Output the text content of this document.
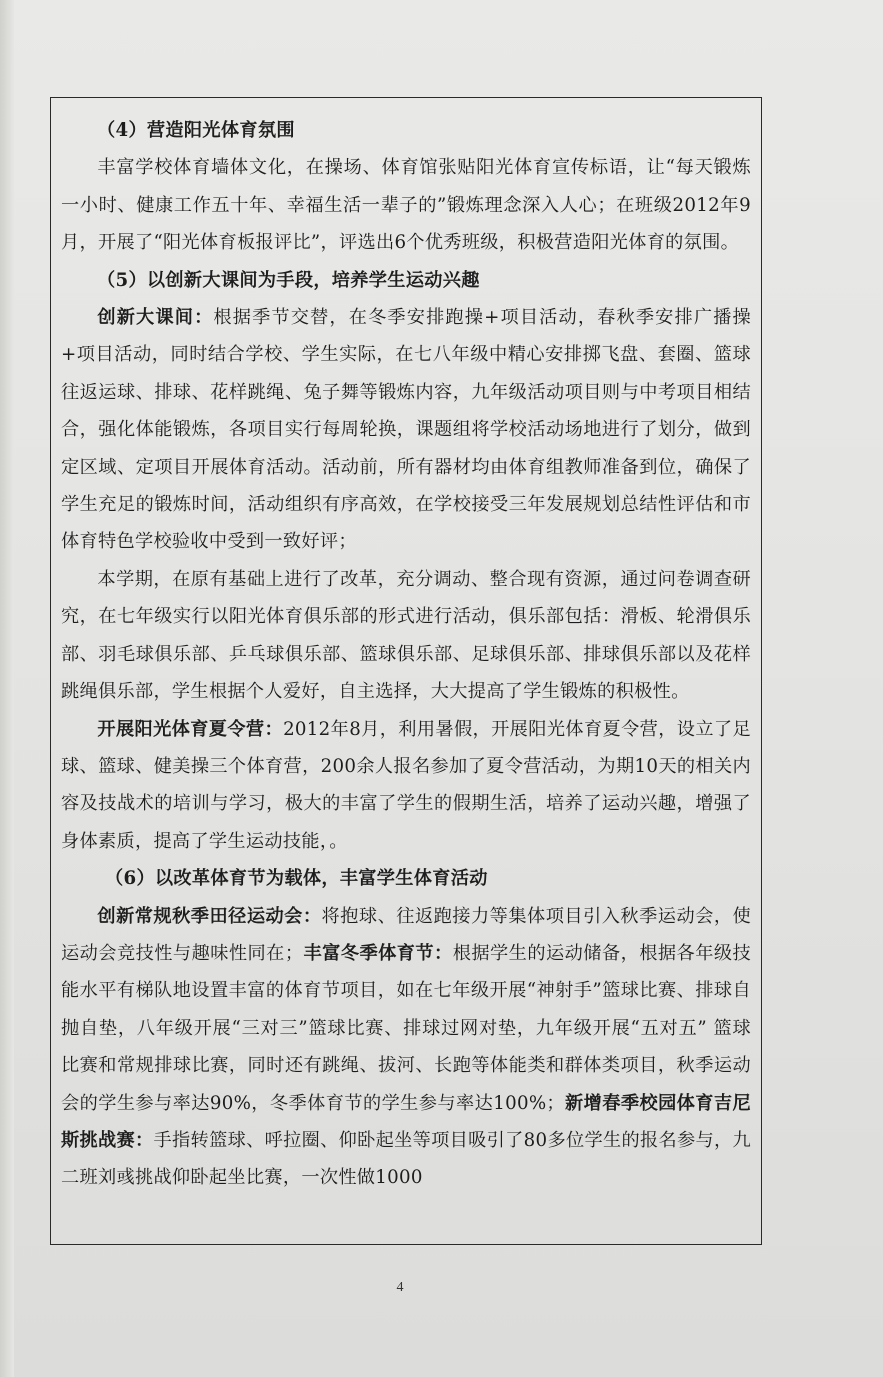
（4）营造阳光体育氛围

丰富学校体育墙体文化，在操场、体育馆张贴阳光体育宣传标语，让“每天锻炼一小时、健康工作五十年、幸福生活一辈子的”锻炼理念深入人心；在班级2012年9月，开展了“阳光体育板报评比”，评选出6个优秀班级，积极营造阳光体育的氛围。

（5）以创新大课间为手段，培养学生运动兴趣

创新大课间：根据季节交替，在冬季安排跑操+项目活动，春秋季安排广播操+项目活动，同时结合学校、学生实际，在七八年级中精心安排掷飞盘、套圈、篮球往返运球、排球、花样跳绳、兔子舞等锻炼内容，九年级活动项目则与中考项目相结合，强化体能锻炼，各项目实行每周轮换，课题组将学校活动场地进行了划分，做到定区域、定项目开展体育活动。活动前，所有器材均由体育组教师准备到位，确保了学生充足的锻炼时间，活动组织有序高效，在学校接受三年发展规划总结性评估和市体育特色学校验收中受到一致好评；

本学期，在原有基础上进行了改革，充分调动、整合现有资源，通过问卷调查研究，在七年级实行以阳光体育俱乐部的形式进行活动，俱乐部包括：滑板、轮滑俱乐部、羽毛球俱乐部、乒乓球俱乐部、篮球俱乐部、足球俱乐部、排球俱乐部以及花样跳绳俱乐部，学生根据个人爱好，自主选择，大大提高了学生锻炼的积极性。

开展阳光体育夏令营：2012年8月，利用暑假，开展阳光体育夏令营，设立了足球、篮球、健美操三个体育营，200余人报名参加了夏令营活动，为期10天的相关内容及技战术的培训与学习，极大的丰富了学生的假期生活，培养了运动兴趣，增强了身体素质，提高了学生运动技能，。

（6）以改革体育节为载体，丰富学生体育活动

创新常规秋季田径运动会：将抱球、往返跑接力等集体项目引入秋季运动会，使运动会竞技性与趣味性同在；丰富冬季体育节：根据学生的运动储备，根据各年级技能水平有梯队地设置丰富的体育节项目，如在七年级开展“神射手”篮球比赛、排球自抛自垫，八年级开展“三对三”篮球比赛、排球过网对垫，九年级开展“五对五” 篮球比赛和常规排球比赛，同时还有跳绳、拔河、长跑等体能类和群体类项目，秋季运动会的学生参与率达90%，冬季体育节的学生参与率达100%；新增春季校园体育吉尼斯挑战赛：手指转篮球、呼拉圈、仰卧起坐等项目吸引了80多位学生的报名参与，九二班刘彧挑战仰卧起坐比赛，一次性做1000

4
